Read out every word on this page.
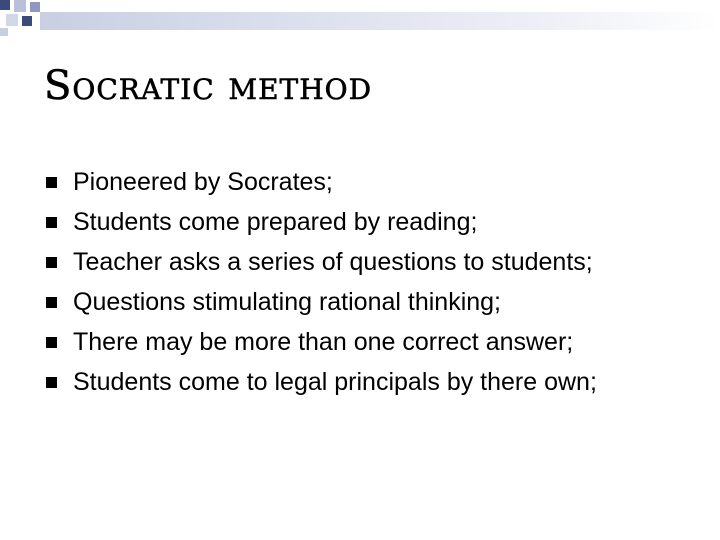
Socratic method
Pioneered by Socrates;
Students come prepared by reading;
Teacher asks a series of questions to students;
Questions stimulating rational thinking;
There may be more than one correct answer;
Students come to legal principals by there own;
